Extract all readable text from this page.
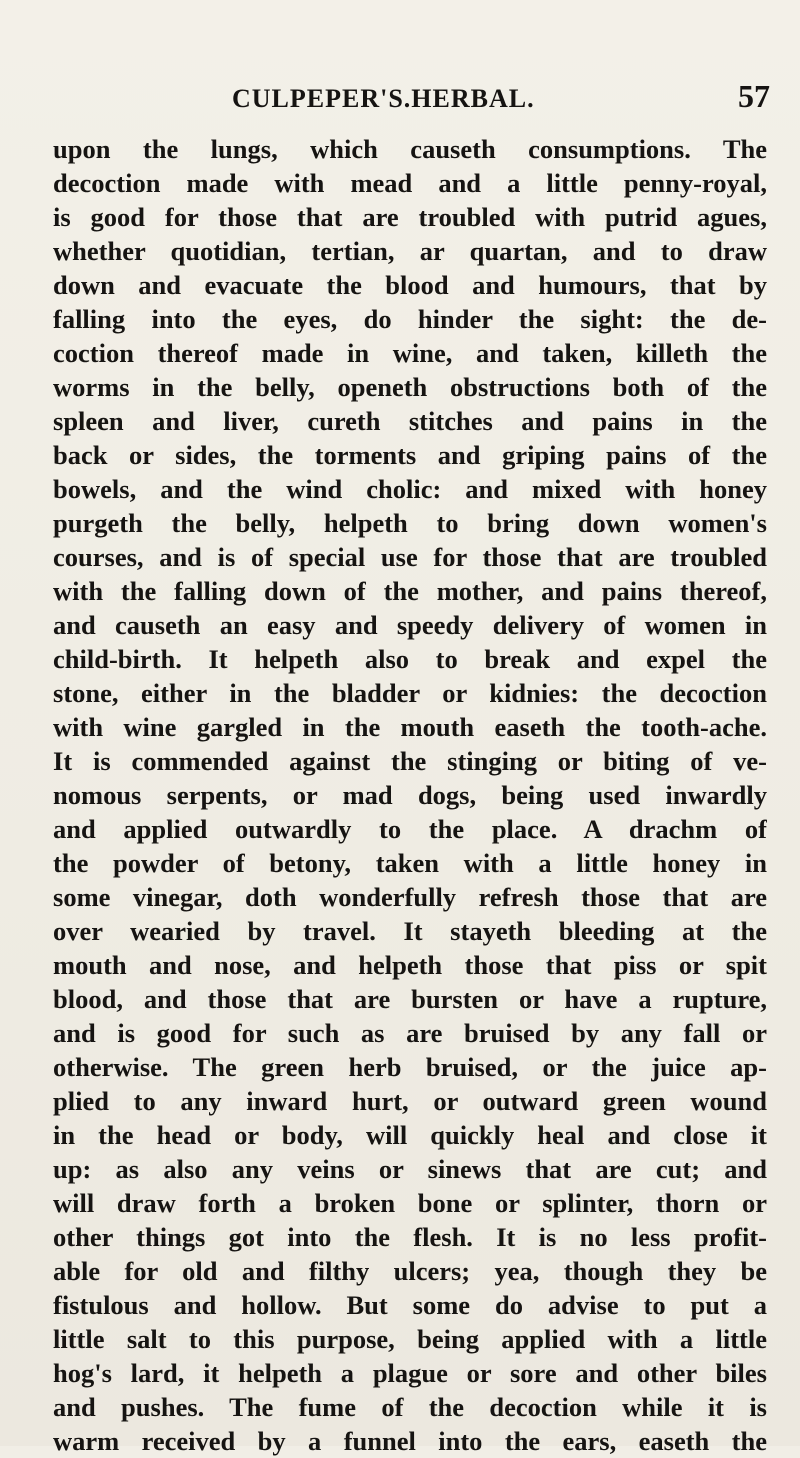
CULPEPER'S.HERBAL.	57
upon the lungs, which causeth consumptions. The
decoction made with mead and a little penny-royal,
is good for those that are troubled with putrid agues,
whether quotidian, tertian, ar quartan, and to draw
down and evacuate the blood and humours, that by
falling into the eyes, do hinder the sight: the de-
coction thereof made in wine, and taken, killeth the
worms in the belly, openeth obstructions both of the
spleen and liver, cureth stitches and pains in the
back or sides, the torments and griping pains of the
bowels, and the wind cholic: and mixed with honey
purgeth the belly, helpeth to bring down women's
courses, and is of special use for those that are troubled
with the falling down of the mother, and pains thereof,
and causeth an easy and speedy delivery of women in
child-birth. It helpeth also to break and expel the
stone, either in the bladder or kidnies: the decoction
with wine gargled in the mouth easeth the tooth-ache.
It is commended against the stinging or biting of ve-
nomous serpents, or mad dogs, being used inwardly
and applied outwardly to the place. A drachm of
the powder of betony, taken with a little honey in
some vinegar, doth wonderfully refresh those that are
over wearied by travel. It stayeth bleeding at the
mouth and nose, and helpeth those that piss or spit
blood, and those that are bursten or have a rupture,
and is good for such as are bruised by any fall or
otherwise. The green herb bruised, or the juice ap-
plied to any inward hurt, or outward green wound
in the head or body, will quickly heal and close it
up: as also any veins or sinews that are cut; and
will draw forth a broken bone or splinter, thorn or
other things got into the flesh. It is no less profit-
able for old and filthy ulcers; yea, though they be
fistulous and hollow. But some do advise to put a
little salt to this purpose, being applied with a little
hog's lard, it helpeth a plague or sore and other biles
and pushes. The fume of the decoction while it is
warm received by a funnel into the ears, easeth the
